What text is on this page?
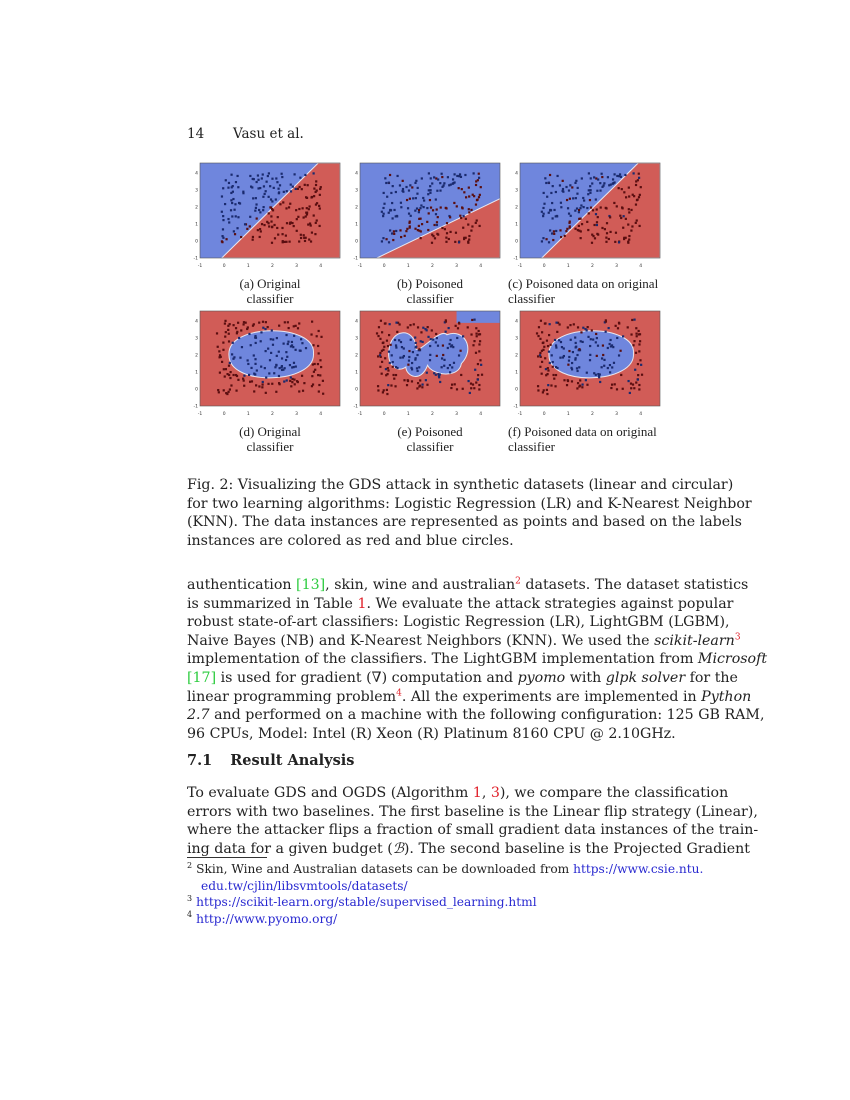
14 Vasu et al.
-1	0	1	2	3	4
4
3
2
1
0
-1
(a) Original
classifier
-1	0	1	2	3	4
4
3
2
1
0
-1
(b) Poisoned
classifier
-1	0	1	2	3	4
4
3
2
1
0
-1
(c) Poisoned data on original
classifier
-1	0	1	2	3	4
4
3
2
1
0
-1
(d) Original
classifier
-1	0	1	2	3	4
4
3
2
1
0
-1
(e) Poisoned
classifier
-1	0	1	2	3	4
4
3
2
1
0
-1
(f) Poisoned data on original
classifier
Fig. 2: Visualizing the GDS attack in synthetic datasets (linear and circular)
for two learning algorithms: Logistic Regression (LR) and K-Nearest Neighbor
(KNN). The data instances are represented as points and based on the labels
instances are colored as red and blue circles.
authentication [13], skin, wine and australian$^2$ datasets. The dataset statistics
is summarized in Table 1. We evaluate the attack strategies against popular
robust state-of-art classifiers: Logistic Regression (LR), LightGBM (LGBM),
Naive Bayes (NB) and K-Nearest Neighbors (KNN). We used the scikit-learn$^3$
implementation of the classifiers. The LightGBM implementation from Microsoft
[17] is used for gradient (∇) computation and pyomo with glpk solver for the
linear programming problem$^4$. All the experiments are implemented in Python
2.7 and performed on a machine with the following configuration: 125 GB RAM,
96 CPUs, Model: Intel (R) Xeon (R) Platinum 8160 CPU @ 2.10GHz.
7.1 Result Analysis
To evaluate GDS and OGDS (Algorithm 1, 3), we compare the classification
errors with two baselines. The first baseline is the Linear flip strategy (Linear),
where the attacker flips a fraction of small gradient data instances of the train-
ing data for a given budget (ℬ). The second baseline is the Projected Gradient
$^2$ Skin, Wine and Australian datasets can be downloaded from https://www.csie.ntu.
edu.tw/cjlin/libsvmtools/datasets/
$^3$ https://scikit-learn.org/stable/supervised_learning.html
$^4$ http://www.pyomo.org/
